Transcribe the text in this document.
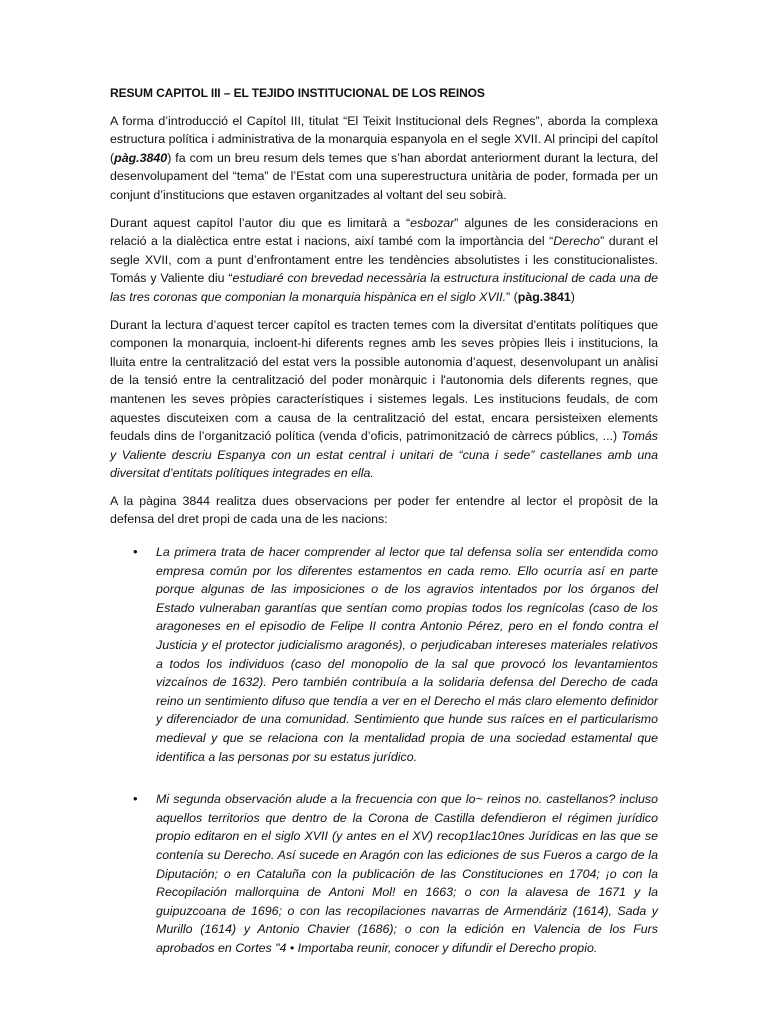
RESUM CAPITOL III – EL TEJIDO INSTITUCIONAL DE LOS REINOS

A forma d’introducció el Capítol III, titulat “El Teixit Institucional dels Regnes”, aborda la complexa estructura política i administrativa de la monarquia espanyola en el segle XVII. Al principi del capítol (pàg.3840) fa com un breu resum dels temes que s’han abordat anteriorment durant la lectura, del desenvolupament del “tema” de l’Estat com una superestructura unitària de poder, formada per un conjunt d’institucions que estaven organitzades al voltant del seu sobirà.

Durant aquest capítol l’autor diu que es limitarà a “esbozar” algunes de les consideracions en relació a la dialèctica entre estat i nacions, així també com la importància del “Derecho” durant el segle XVII, com a punt d’enfrontament entre les tendències absolutistes i les constitucionalistes. Tomás y Valiente diu “estudiaré con brevedad necessària la estructura institucional de cada una de las tres coronas que componian la monarquia hispànica en el siglo XVII.” (pàg.3841)

Durant la lectura d’aquest tercer capítol es tracten temes com la diversitat d'entitats polítiques que componen la monarquia, incloent-hi diferents regnes amb les seves pròpies lleis i institucions, la lluita entre la centralització del estat vers la possible autonomia d’aquest, desenvolupant un anàlisi de la tensió entre la centralització del poder monàrquic i l'autonomia dels diferents regnes, que mantenen les seves pròpies característiques i sistemes legals. Les institucions feudals, de com aquestes discuteixen com a causa de la centralització del estat, encara persisteixen elements feudals dins de l’organització política (venda d’oficis, patrimonització de càrrecs públics, ...) Tomás y Valiente descriu Espanya con un estat central i unitari de “cuna i sede” castellanes amb una diversitat d’entitats polítiques integrades en ella.

A la pàgina 3844 realitza dues observacions per poder fer entendre al lector el propòsit de la defensa del dret propi de cada una de les nacions:

• La primera trata de hacer comprender al lector que tal defensa solía ser entendida como empresa común por los diferentes estamentos en cada remo. Ello ocurría así en parte porque algunas de las imposiciones o de los agravios intentados por los órganos del Estado vulneraban garantías que sentían como propias todos los regnícolas (caso de los aragoneses en el episodio de Felipe II contra Antonio Pérez, pero en el fondo contra el Justicia y el protector judicialismo aragonés), o perjudicaban intereses materiales relativos a todos los individuos (caso del monopolio de la sal que provocó los levantamientos vizcaínos de 1632). Pero también contribuía a la solidaria defensa del Derecho de cada reino un sentimiento difuso que tendía a ver en el Derecho el más claro elemento definidor y diferenciador de una comunidad. Sentimiento que hunde sus raíces en el particularismo medieval y que se relaciona con la mentalidad propia de una sociedad estamental que identifica a las personas por su estatus jurídico.
• Mi segunda observación alude a la frecuencia con que lo~ reinos no. castellanos? incluso aquellos territorios que dentro de la Corona de Castilla defendieron el régimen jurídico propio editaron en el siglo XVII (y antes en el XV) recop1lac10nes Jurídicas en las que se contenía su Derecho. Así sucede en Aragón con las ediciones de sus Fueros a cargo de la Diputación; o en Cataluña con la publicación de las Constituciones en 1704; ¡o con la Recopilación mallorquina de Antoni Mol! en 1663; o con la alavesa de 1671 y la guipuzcoana de 1696; o con las recopilaciones navarras de Armendáriz (1614), Sada y Murillo (1614) y Antonio Chavier (1686); o con la edición en Valencia de los Furs aprobados en Cortes "4 • Importaba reunir, conocer y difundir el Derecho propio.
